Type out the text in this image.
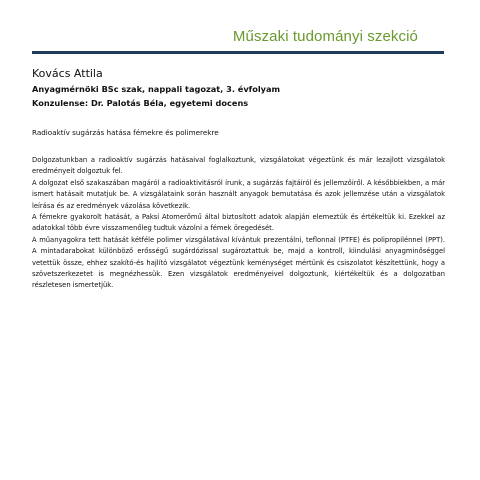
Műszaki tudományi szekció
Kovács Attila
Anyagmérnöki BSc szak, nappali tagozat, 3. évfolyam
Konzulense: Dr. Palotás Béla, egyetemi docens
Radioaktív sugárzás hatása fémekre és polimerekre

Dolgozatunkban a radioaktív sugárzás hatásaival foglalkoztunk, vizsgálatokat végeztünk és már lezajlott vizsgálatok eredményeit dolgoztuk fel.

A dolgozat első szakaszában magáról a radioaktivitásról írunk, a sugárzás fajtáiról és jellemzőiről. A későbbiekben, a már ismert hatásait mutatjuk be. A vizsgálataink során használt anyagok bemutatása és azok jellemzése után a vizsgálatok leírása és az eredmények vázolása következik.

A fémekre gyakorolt hatását, a Paksi Atomerőmű által biztosított adatok alapján elemeztük és értékeltük ki. Ezekkel az adatokkal több évre visszamenőleg tudtuk vázolni a fémek öregedését.

A műanyagokra tett hatását kétféle polimer vizsgálatával kívántuk prezentálni, teflonnal (PTFE) és polipropilénnel (PPT). A mintadarabokat különböző erősségű sugárdózissal sugároztattuk be, majd a kontroll, kiindulási anyagminőséggel vetettük össze, ehhez szakító-és hajlító vizsgálatot végeztünk keménységet mértünk és csiszolatot készítettünk, hogy a szövetszerkezetet is megnézhessük. Ezen vizsgálatok eredményeivel dolgoztunk, kiértékeltük és a dolgozatban részletesen ismertetjük.
